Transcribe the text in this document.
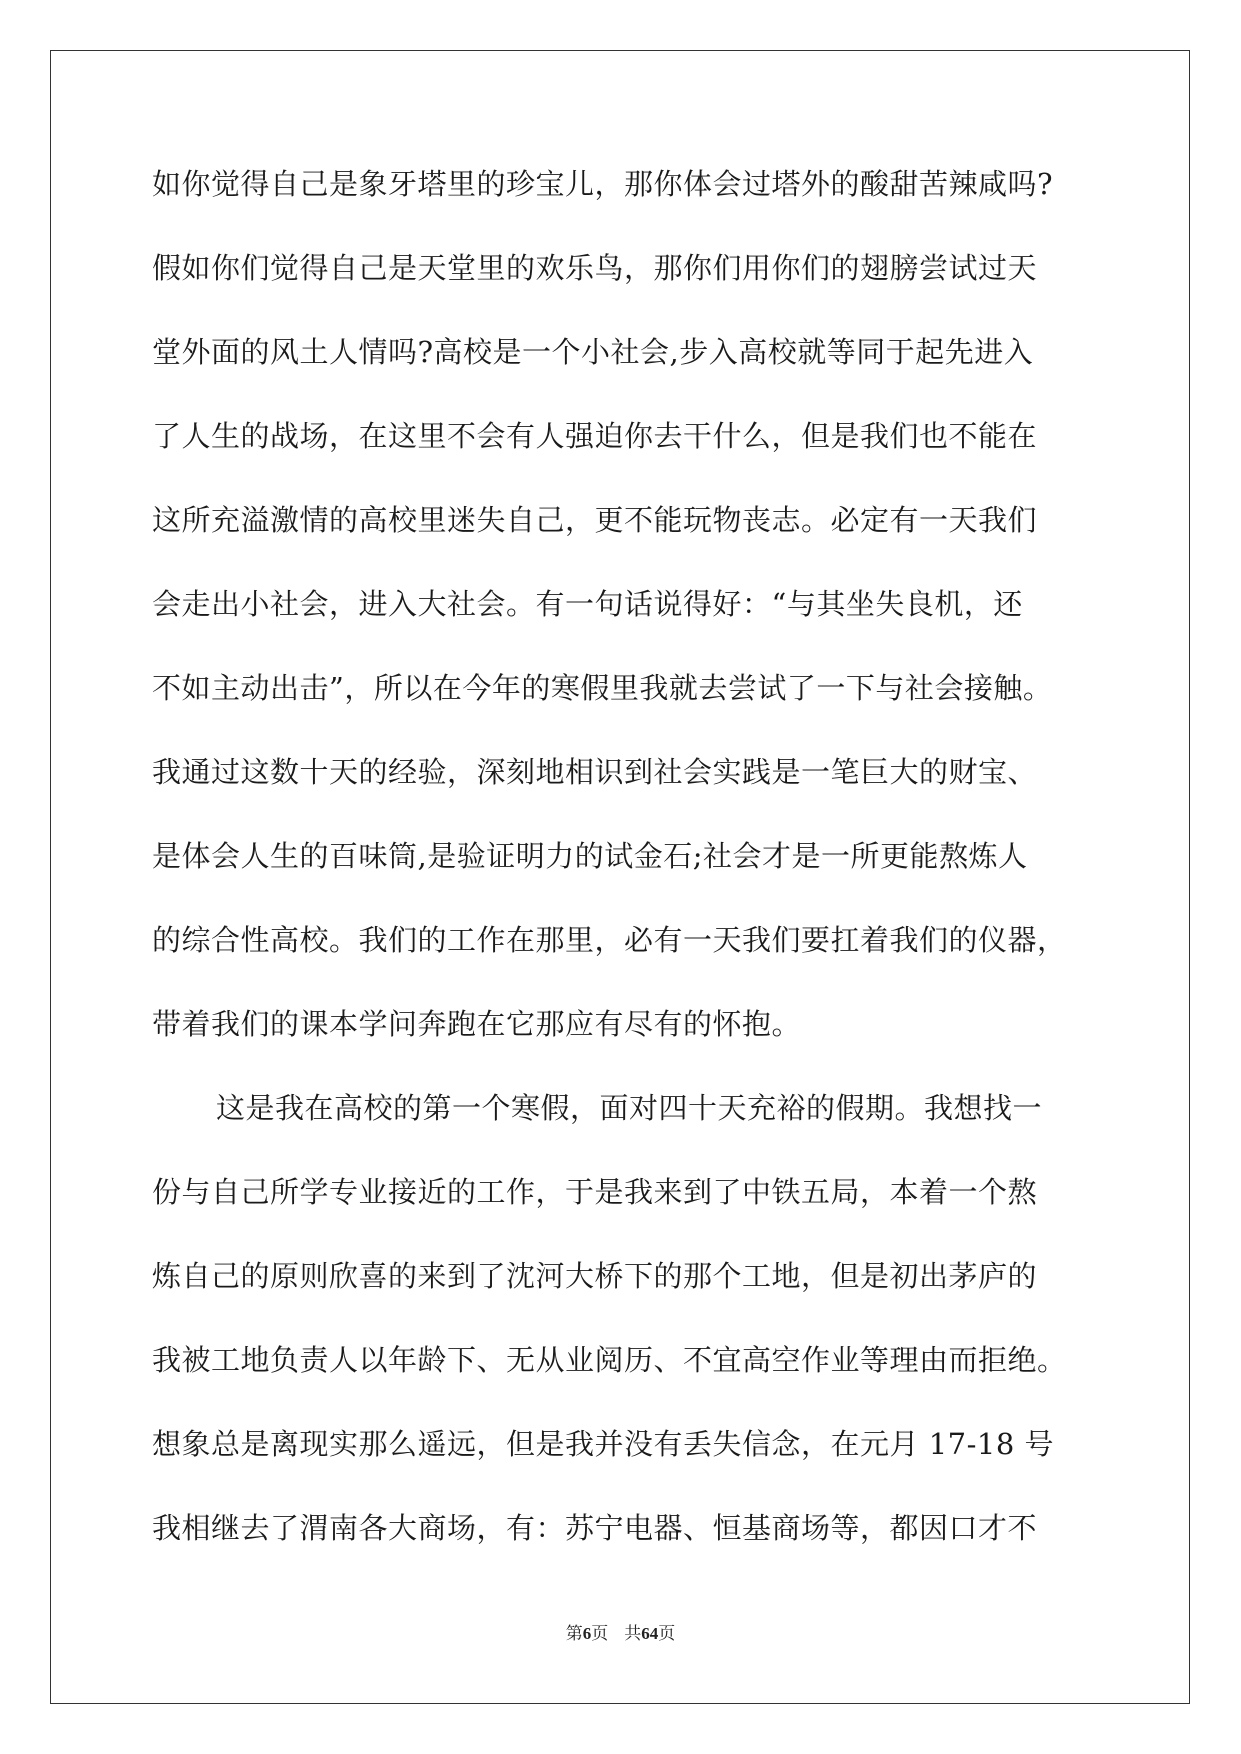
如你觉得自己是象牙塔里的珍宝儿，那你体会过塔外的酸甜苦辣咸吗?
假如你们觉得自己是天堂里的欢乐鸟，那你们用你们的翅膀尝试过天
堂外面的风土人情吗?高校是一个小社会,步入高校就等同于起先进入
了人生的战场，在这里不会有人强迫你去干什么，但是我们也不能在
这所充溢激情的高校里迷失自己，更不能玩物丧志。必定有一天我们
会走出小社会，进入大社会。有一句话说得好：“与其坐失良机，还
不如主动出击”，所以在今年的寒假里我就去尝试了一下与社会接触。
我通过这数十天的经验，深刻地相识到社会实践是一笔巨大的财宝、
是体会人生的百味筒,是验证明力的试金石;社会才是一所更能熬炼人
的综合性高校。我们的工作在那里，必有一天我们要扛着我们的仪器，
带着我们的课本学问奔跑在它那应有尽有的怀抱。
这是我在高校的第一个寒假，面对四十天充裕的假期。我想找一
份与自己所学专业接近的工作，于是我来到了中铁五局，本着一个熬
炼自己的原则欣喜的来到了沈河大桥下的那个工地，但是初出茅庐的
我被工地负责人以年龄下、无从业阅历、不宜高空作业等理由而拒绝。
想象总是离现实那么遥远，但是我并没有丢失信念，在元月 17-18 号
我相继去了渭南各大商场，有：苏宁电器、恒基商场等，都因口才不
第6页 共64页
